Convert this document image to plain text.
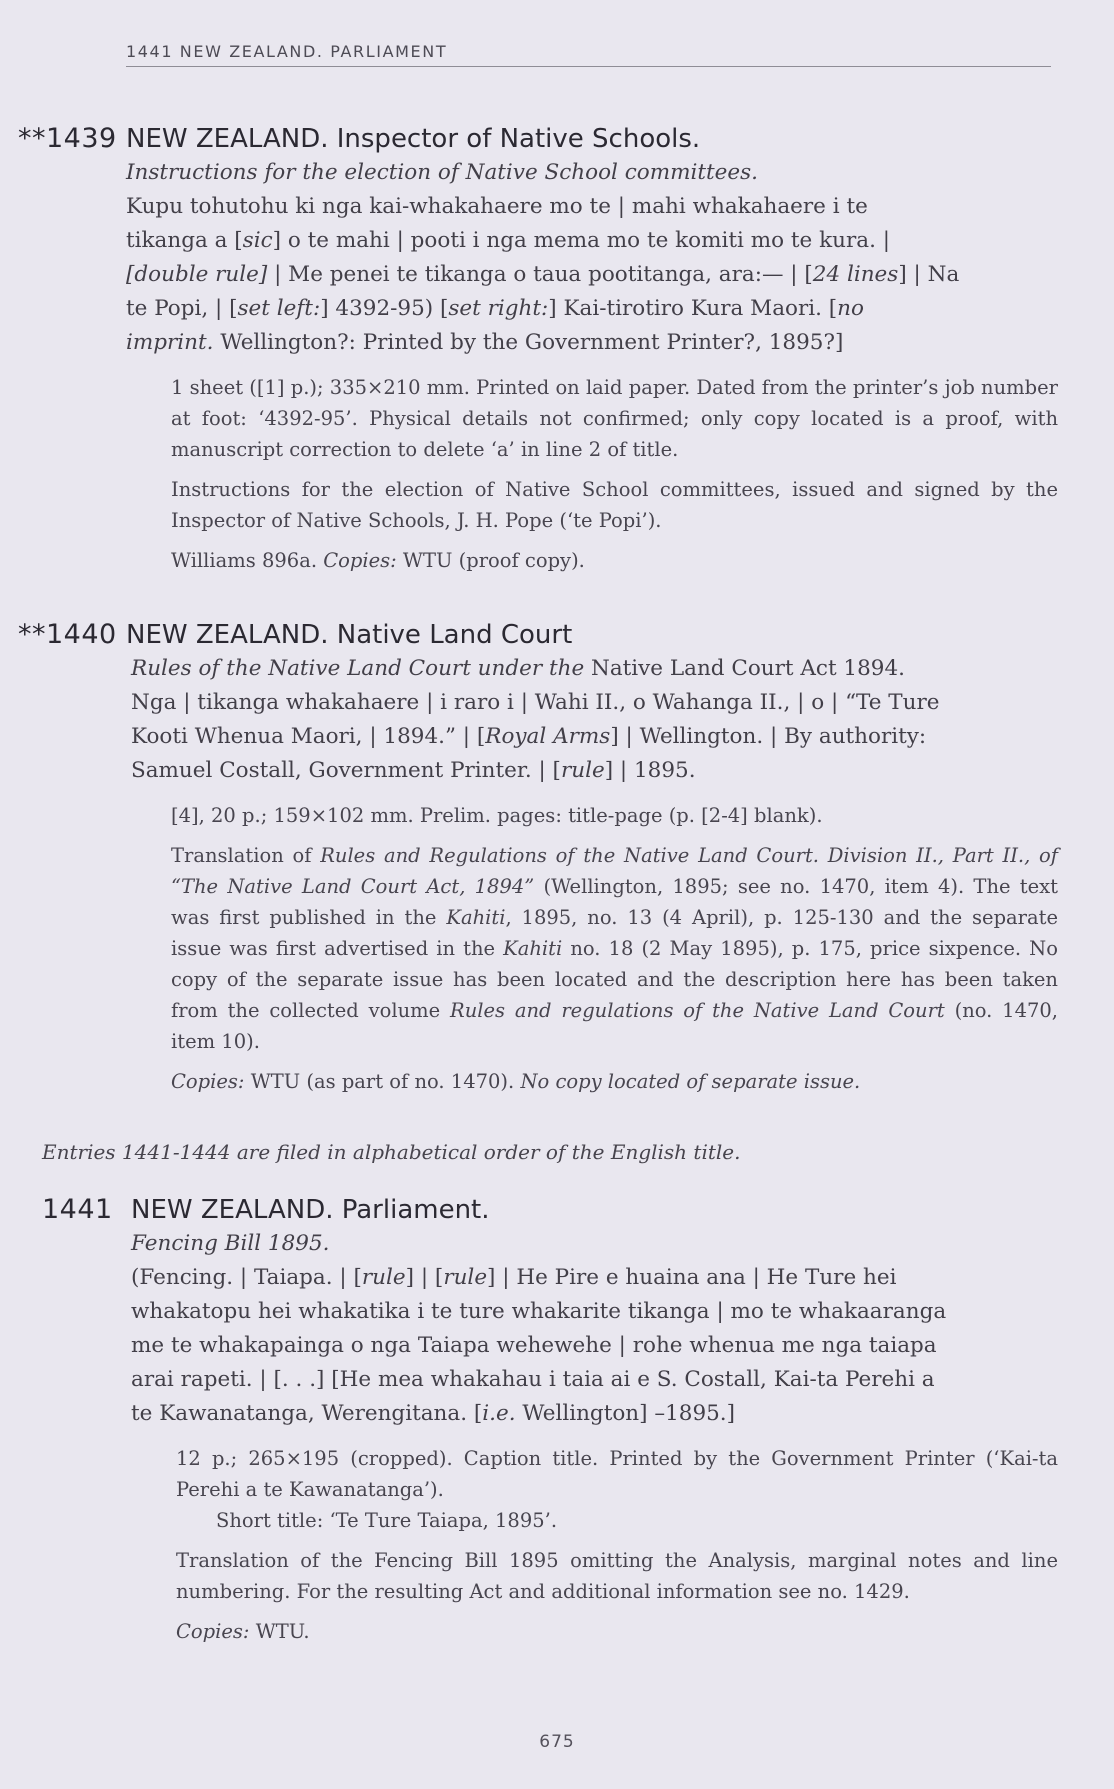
1441 NEW ZEALAND. PARLIAMENT
**1439 NEW ZEALAND. Inspector of Native Schools.
Instructions for the election of Native School committees.
Kupu tohutohu ki nga kai-whakahaere mo te | mahi whakahaere i te
tikanga a [sic] o te mahi | pooti i nga mema mo te komiti mo te kura. |
[double rule] | Me penei te tikanga o taua pootitanga, ara:— | [24 lines] | Na
te Popi, | [set left:] 4392-95) [set right:] Kai-tirotiro Kura Maori. [no
imprint. Wellington?: Printed by the Government Printer?, 1895?]

1 sheet ([1] p.); 335×210 mm. Printed on laid paper. Dated from the printer’s job number at foot: ‘4392-95’. Physical details not confirmed; only copy located is a proof, with manuscript correction to delete ‘a’ in line 2 of title.

Instructions for the election of Native School committees, issued and signed by the Inspector of Native Schools, J. H. Pope (‘te Popi’).

Williams 896a. Copies: WTU (proof copy).

**1440 NEW ZEALAND. Native Land Court
Rules of the Native Land Court under the Native Land Court Act 1894.
Nga | tikanga whakahaere | i raro i | Wahi II., o Wahanga II., | o | “Te Ture
Kooti Whenua Maori, | 1894.” | [Royal Arms] | Wellington. | By authority:
Samuel Costall, Government Printer. | [rule] | 1895.

[4], 20 p.; 159×102 mm. Prelim. pages: title-page (p. [2-4] blank).

Translation of Rules and Regulations of the Native Land Court. Division II., Part II., of “The Native Land Court Act, 1894” (Wellington, 1895; see no. 1470, item 4). The text was first published in the Kahiti, 1895, no. 13 (4 April), p. 125-130 and the separate issue was first advertised in the Kahiti no. 18 (2 May 1895), p. 175, price sixpence. No copy of the separate issue has been located and the description here has been taken from the collected volume Rules and regulations of the Native Land Court (no. 1470, item 10).

Copies: WTU (as part of no. 1470). No copy located of separate issue.

Entries 1441-1444 are filed in alphabetical order of the English title.
1441 NEW ZEALAND. Parliament.
Fencing Bill 1895.
(Fencing. | Taiapa. | [rule] | [rule] | He Pire e huaina ana | He Ture hei
whakatopu hei whakatika i te ture whakarite tikanga | mo te whakaaranga
me te whakapainga o nga Taiapa wehewehe | rohe whenua me nga taiapa
arai rapeti. | [. . .] [He mea whakahau i taia ai e S. Costall, Kai-ta Perehi a
te Kawanatanga, Werengitana. [i.e. Wellington] –1895.]

12 p.; 265×195 (cropped). Caption title. Printed by the Government Printer (‘Kai-ta Perehi a te Kawanatanga’).

Short title: ‘Te Ture Taiapa, 1895’.

Translation of the Fencing Bill 1895 omitting the Analysis, marginal notes and line numbering. For the resulting Act and additional information see no. 1429.

Copies: WTU.

675
